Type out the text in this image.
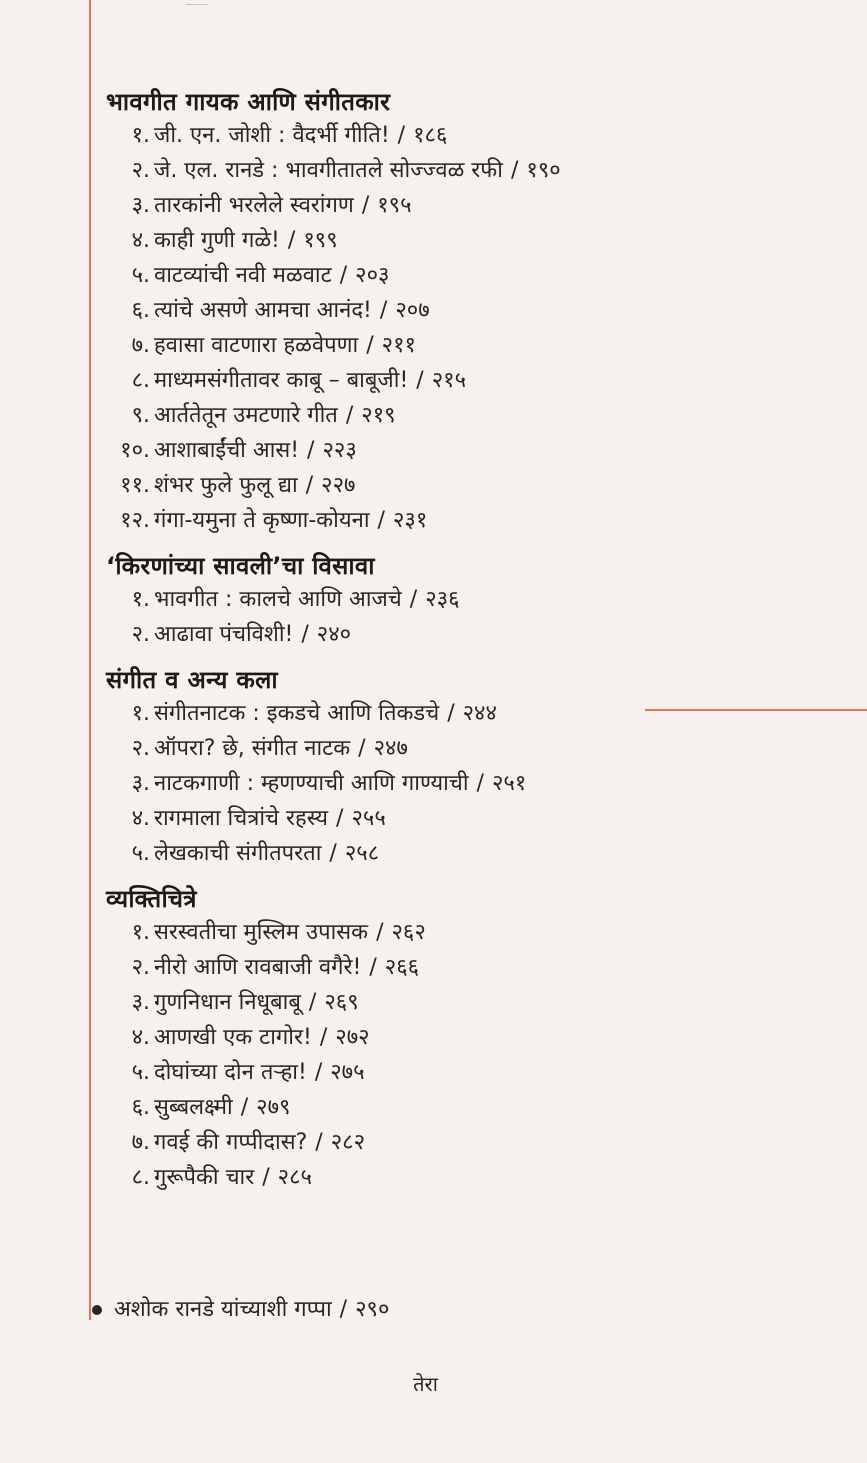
भावगीत गायक आणि संगीतकार
१. जी. एन. जोशी : वैदर्भी गीति! / १८६
२. जे. एल. रानडे : भावगीतातले सोज्ज्वळ रफी / १९०
३. तारकांनी भरलेले स्वरांगण / १९५
४. काही गुणी गळे! / १९९
५. वाटव्यांची नवी मळवाट / २०३
६. त्यांचे असणे आमचा आनंद! / २०७
७. हवासा वाटणारा हळवेपणा / २११
८. माध्यमसंगीतावर काबू – बाबूजी! / २१५
९. आर्ततेतून उमटणारे गीत / २१९
१०. आशाबाईंची आस! / २२३
११. शंभर फुले फुलू द्या / २२७
१२. गंगा-यमुना ते कृष्णा-कोयना / २३१
‘किरणांच्या सावली’चा विसावा
१. भावगीत : कालचे आणि आजचे / २३६
२. आढावा पंचविशी! / २४०
संगीत व अन्य कला
१. संगीतनाटक : इकडचे आणि तिकडचे / २४४
२. ऑपरा? छे, संगीत नाटक / २४७
३. नाटकगाणी : म्हणण्याची आणि गाण्याची / २५१
४. रागमाला चित्रांचे रहस्य / २५५
५. लेखकाची संगीतपरता / २५८
व्यक्तिचित्रे
१. सरस्वतीचा मुस्लिम उपासक / २६२
२. नीरो आणि रावबाजी वगैरे! / २६६
३. गुणनिधान निधूबाबू / २६९
४. आणखी एक टागोर! / २७२
५. दोघांच्या दोन तऱ्हा! / २७५
६. सुब्बलक्ष्मी / २७९
७. गवई की गप्पीदास? / २८२
८. गुरूपैकी चार / २८५
अशोक रानडे यांच्याशी गप्पा / २९०
तेरा
